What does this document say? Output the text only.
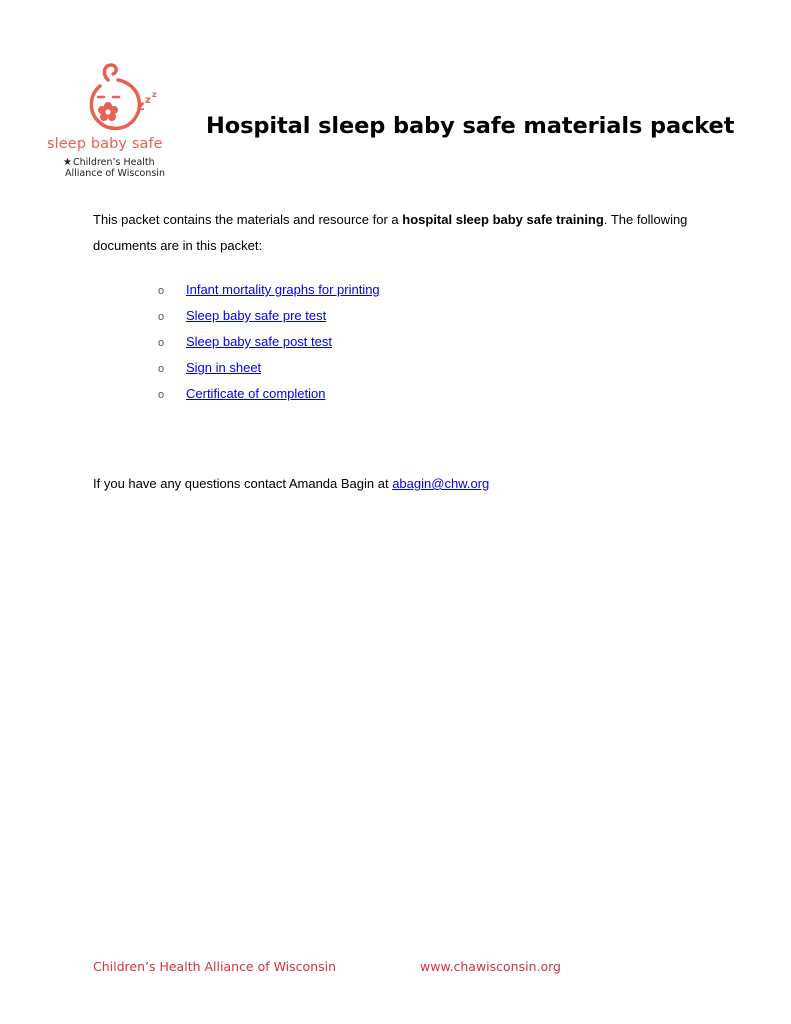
z z
z
sleep baby safe
★Children’s Health
Alliance of Wisconsin
Hospital sleep baby safe materials packet
This packet contains the materials and resource for a hospital sleep baby safe training. The following documents are in this packet:
o Infant mortality graphs for printing
o Sleep baby safe pre test
o Sleep baby safe post test
o Sign in sheet
o Certificate of completion
If you have any questions contact Amanda Bagin at abagin@chw.org
Children’s Health Alliance of Wisconsin	www.chawisconsin.org
